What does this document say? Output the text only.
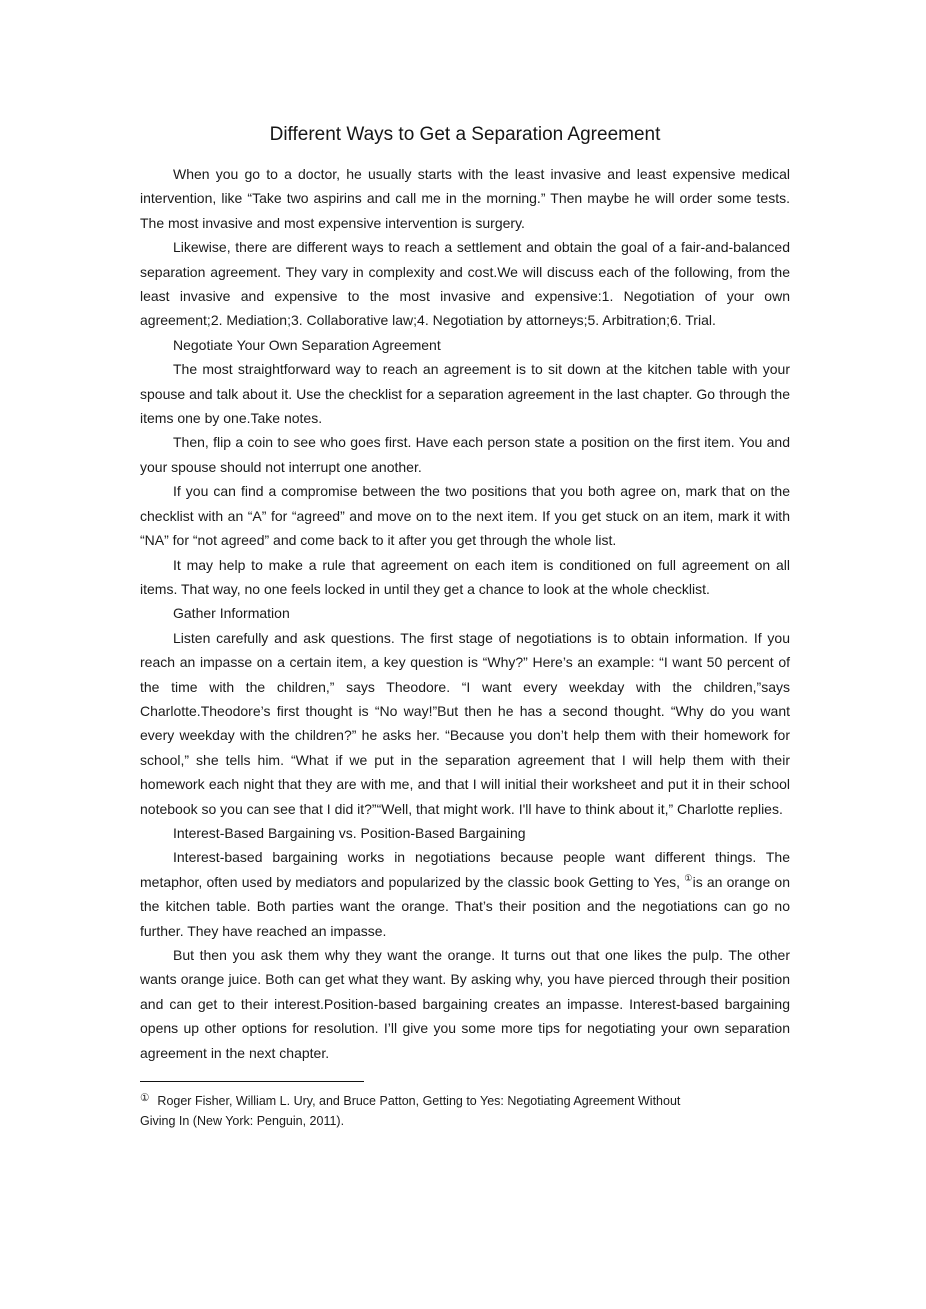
Different Ways to Get a Separation Agreement

When you go to a doctor, he usually starts with the least invasive and least expensive medical intervention, like “Take two aspirins and call me in the morning.” Then maybe he will order some tests. The most invasive and most expensive intervention is surgery.

Likewise, there are different ways to reach a settlement and obtain the goal of a fair-and-balanced separation agreement. They vary in complexity and cost.We will discuss each of the following, from the least invasive and expensive to the most invasive and expensive:1. Negotiation of your own agreement;2. Mediation;3. Collaborative law;4. Negotiation by attorneys;5. Arbitration;6. Trial.

Negotiate Your Own Separation Agreement

The most straightforward way to reach an agreement is to sit down at the kitchen table with your spouse and talk about it. Use the checklist for a separation agreement in the last chapter. Go through the items one by one.Take notes.

Then, flip a coin to see who goes first. Have each person state a position on the first item. You and your spouse should not interrupt one another.

If you can find a compromise between the two positions that you both agree on, mark that on the checklist with an “A” for “agreed” and move on to the next item. If you get stuck on an item, mark it with “NA” for “not agreed” and come back to it after you get through the whole list.

It may help to make a rule that agreement on each item is conditioned on full agreement on all items. That way, no one feels locked in until they get a chance to look at the whole checklist.

Gather Information

Listen carefully and ask questions. The first stage of negotiations is to obtain information. If you reach an impasse on a certain item, a key question is “Why?” Here’s an example: “I want 50 percent of the time with the children,” says Theodore. “I want every weekday with the children,”says Charlotte.Theodore’s first thought is “No way!”But then he has a second thought. “Why do you want every weekday with the children?” he asks her. “Because you don’t help them with their homework for school,” she tells him. “What if we put in the separation agreement that I will help them with their homework each night that they are with me, and that I will initial their worksheet and put it in their school notebook so you can see that I did it?”“Well, that might work. I'll have to think about it,” Charlotte replies.

Interest-Based Bargaining vs. Position-Based Bargaining

Interest-based bargaining works in negotiations because people want different things. The metaphor, often used by mediators and popularized by the classic book Getting to Yes, ①is an orange on the kitchen table. Both parties want the orange. That’s their position and the negotiations can go no further. They have reached an impasse.

But then you ask them why they want the orange. It turns out that one likes the pulp. The other wants orange juice. Both can get what they want. By asking why, you have pierced through their position and can get to their interest.Position-based bargaining creates an impasse. Interest-based bargaining opens up other options for resolution. I’ll give you some more tips for negotiating your own separation agreement in the next chapter.

① Roger Fisher, William L. Ury, and Bruce Patton, Getting to Yes: Negotiating Agreement Without

Giving In (New York: Penguin, 2011).
